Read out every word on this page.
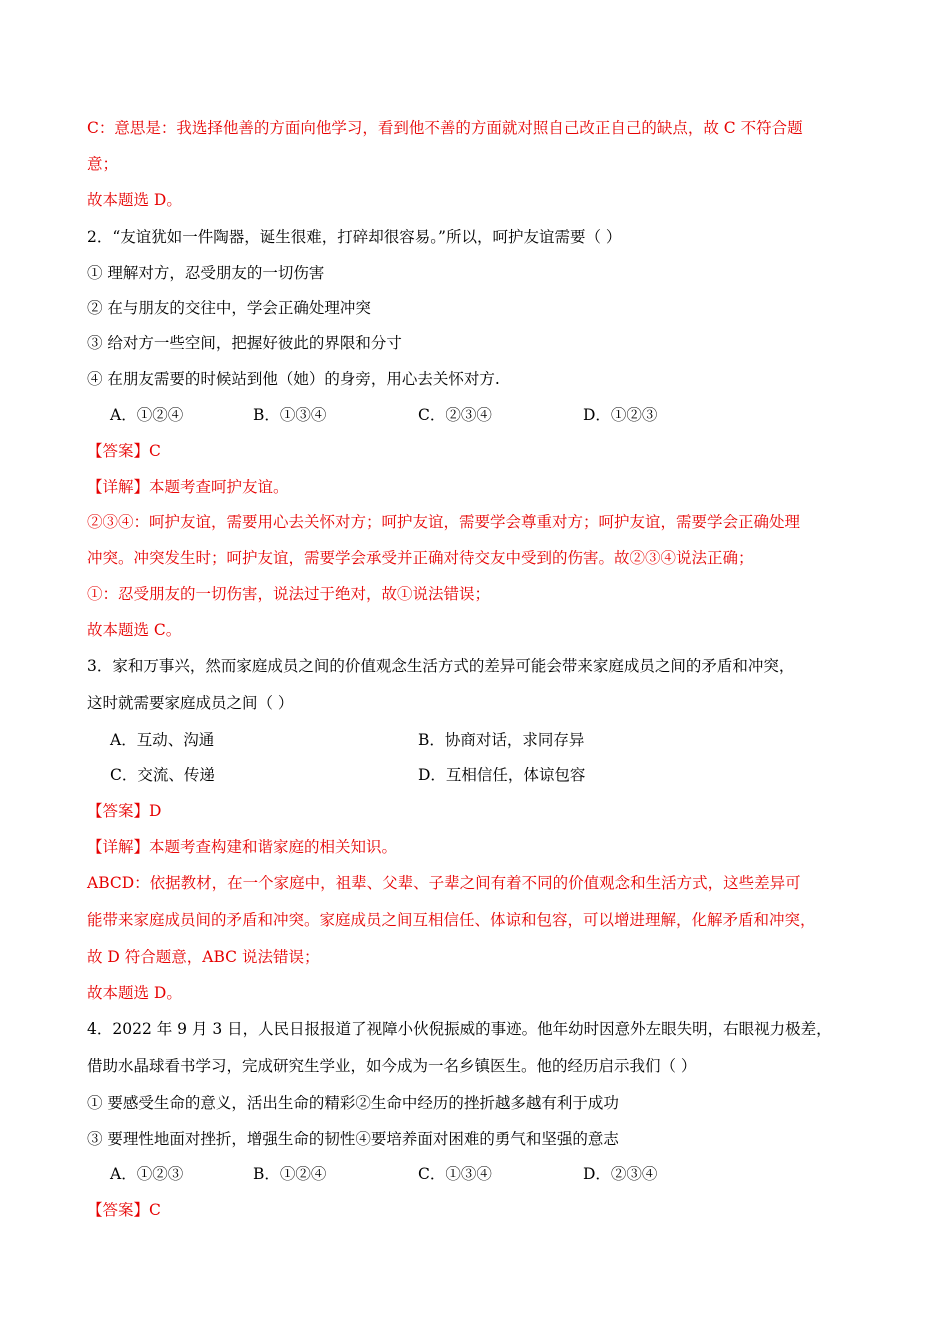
C：意思是：我选择他善的方面向他学习，看到他不善的方面就对照自己改正自己的缺点，故 C 不符合题
意；
故本题选 D。
2．“友谊犹如一件陶器，诞生很难，打碎却很容易。”所以，呵护友谊需要（ ）
① 理解对方，忍受朋友的一切伤害
② 在与朋友的交往中，学会正确处理冲突
③ 给对方一些空间，把握好彼此的界限和分寸
④ 在朋友需要的时候站到他（她）的身旁，用心去关怀对方.
A．①②④	B．①③④	C．②③④	D．①②③
【答案】C
【详解】本题考查呵护友谊。
②③④：呵护友谊，需要用心去关怀对方；呵护友谊，需要学会尊重对方；呵护友谊，需要学会正确处理
冲突。冲突发生时；呵护友谊，需要学会承受并正确对待交友中受到的伤害。故②③④说法正确；
①：忍受朋友的一切伤害，说法过于绝对，故①说法错误；
故本题选 C。
3．家和万事兴，然而家庭成员之间的价值观念生活方式的差异可能会带来家庭成员之间的矛盾和冲突，
这时就需要家庭成员之间（ ）
A．互动、沟通	B．协商对话，求同存异
C．交流、传递	D．互相信任，体谅包容
【答案】D
【详解】本题考查构建和谐家庭的相关知识。
ABCD：依据教材，在一个家庭中，祖辈、父辈、子辈之间有着不同的价值观念和生活方式，这些差异可
能带来家庭成员间的矛盾和冲突。家庭成员之间互相信任、体谅和包容，可以增进理解，化解矛盾和冲突，
故 D 符合题意，ABC 说法错误；
故本题选 D。
4．2022 年 9 月 3 日，人民日报报道了视障小伙倪振威的事迹。他年幼时因意外左眼失明，右眼视力极差，
借助水晶球看书学习，完成研究生学业，如今成为一名乡镇医生。他的经历启示我们（ ）
① 要感受生命的意义，活出生命的精彩②生命中经历的挫折越多越有利于成功
③ 要理性地面对挫折，增强生命的韧性④要培养面对困难的勇气和坚强的意志
A．①②③	B．①②④	C．①③④	D．②③④
【答案】C
